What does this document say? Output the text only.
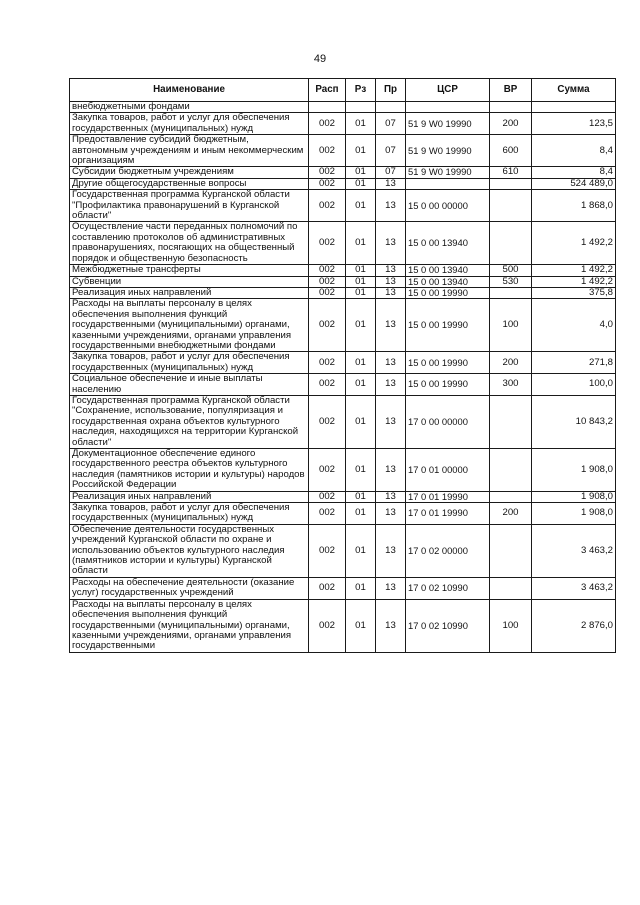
49
Наименование	Расп	Рз	Пр	ЦСР	ВР	Сумма
внебюджетными фондами						
Закупка товаров, работ и услуг для обеспечения государственных (муниципальных) нужд	002	01	07	51 9 W0 19990	200	123,5
Предоставление субсидий бюджетным, автономным учреждениям и иным некоммерческим организациям	002	01	07	51 9 W0 19990	600	8,4
Субсидии бюджетным учреждениям	002	01	07	51 9 W0 19990	610	8,4
Другие общегосударственные вопросы	002	01	13			524 489,0
Государственная программа Курганской области "Профилактика правонарушений в Курганской области"	002	01	13	15 0 00 00000		1 868,0
Осуществление части переданных полномочий по составлению протоколов об административных правонарушениях, посягающих на общественный порядок и общественную безопасность	002	01	13	15 0 00 13940		1 492,2
Межбюджетные трансферты	002	01	13	15 0 00 13940	500	1 492,2
Субвенции	002	01	13	15 0 00 13940	530	1 492,2
Реализация иных направлений	002	01	13	15 0 00 19990		375,8
Расходы на выплаты персоналу в целях обеспечения выполнения функций государственными (муниципальными) органами, казенными учреждениями, органами управления государственными внебюджетными фондами	002	01	13	15 0 00 19990	100	4,0
Закупка товаров, работ и услуг для обеспечения государственных (муниципальных) нужд	002	01	13	15 0 00 19990	200	271,8
Социальное обеспечение и иные выплаты населению	002	01	13	15 0 00 19990	300	100,0
Государственная программа Курганской области "Сохранение, использование, популяризация и государственная охрана объектов культурного наследия, находящихся на территории Курганской области"	002	01	13	17 0 00 00000		10 843,2
Документационное обеспечение единого государственного реестра объектов культурного наследия (памятников истории и культуры) народов Российской Федерации	002	01	13	17 0 01 00000		1 908,0
Реализация иных направлений	002	01	13	17 0 01 19990		1 908,0
Закупка товаров, работ и услуг для обеспечения государственных (муниципальных) нужд	002	01	13	17 0 01 19990	200	1 908,0
Обеспечение деятельности государственных учреждений Курганской области по охране и использованию объектов культурного наследия (памятников истории и культуры) Курганской области	002	01	13	17 0 02 00000		3 463,2
Расходы на обеспечение деятельности (оказание услуг) государственных учреждений	002	01	13	17 0 02 10990		3 463,2
Расходы на выплаты персоналу в целях обеспечения выполнения функций государственными (муниципальными) органами, казенными учреждениями, органами управления государственными	002	01	13	17 0 02 10990	100	2 876,0
